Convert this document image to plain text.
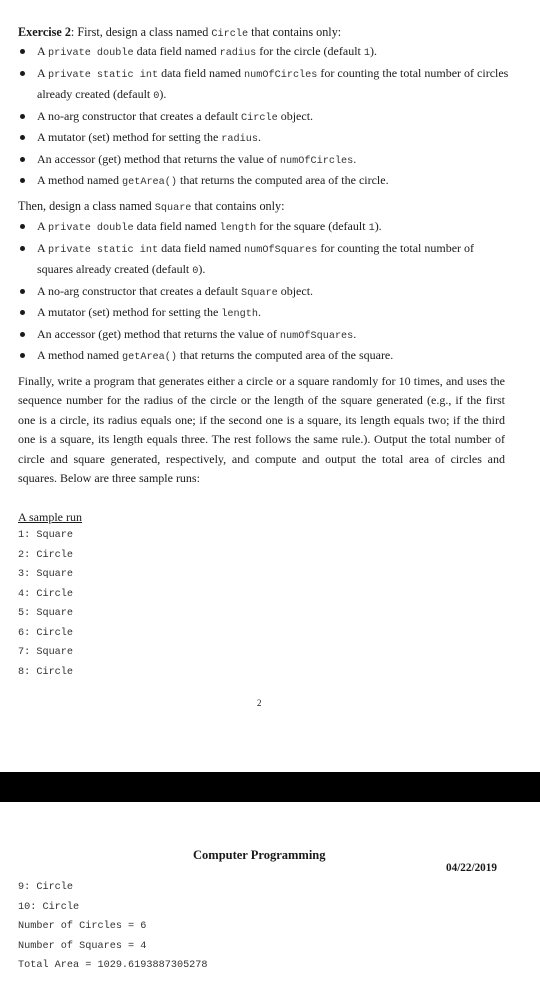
Exercise 2: First, design a class named Circle that contains only:
A private double data field named radius for the circle (default 1).
A private static int data field named numOfCircles for counting the total number of circles already created (default 0).
A no-arg constructor that creates a default Circle object.
A mutator (set) method for setting the radius.
An accessor (get) method that returns the value of numOfCircles.
A method named getArea() that returns the computed area of the circle.
Then, design a class named Square that contains only:
A private double data field named length for the square (default 1).
A private static int data field named numOfSquares for counting the total number of squares already created (default 0).
A no-arg constructor that creates a default Square object.
A mutator (set) method for setting the length.
An accessor (get) method that returns the value of numOfSquares.
A method named getArea() that returns the computed area of the square.
Finally, write a program that generates either a circle or a square randomly for 10 times, and uses the sequence number for the radius of the circle or the length of the square generated (e.g., if the first one is a circle, its radius equals one; if the second one is a square, its length equals two; if the third one is a square, its length equals three. The rest follows the same rule.). Output the total number of circle and square generated, respectively, and compute and output the total area of circles and squares. Below are three sample runs:
A sample run
1: Square
2: Circle
3: Square
4: Circle
5: Square
6: Circle
7: Square
8: Circle
2
Computer Programming
04/22/2019
9: Circle
10: Circle
Number of Circles = 6
Number of Squares = 4
Total Area = 1029.6193887305278
